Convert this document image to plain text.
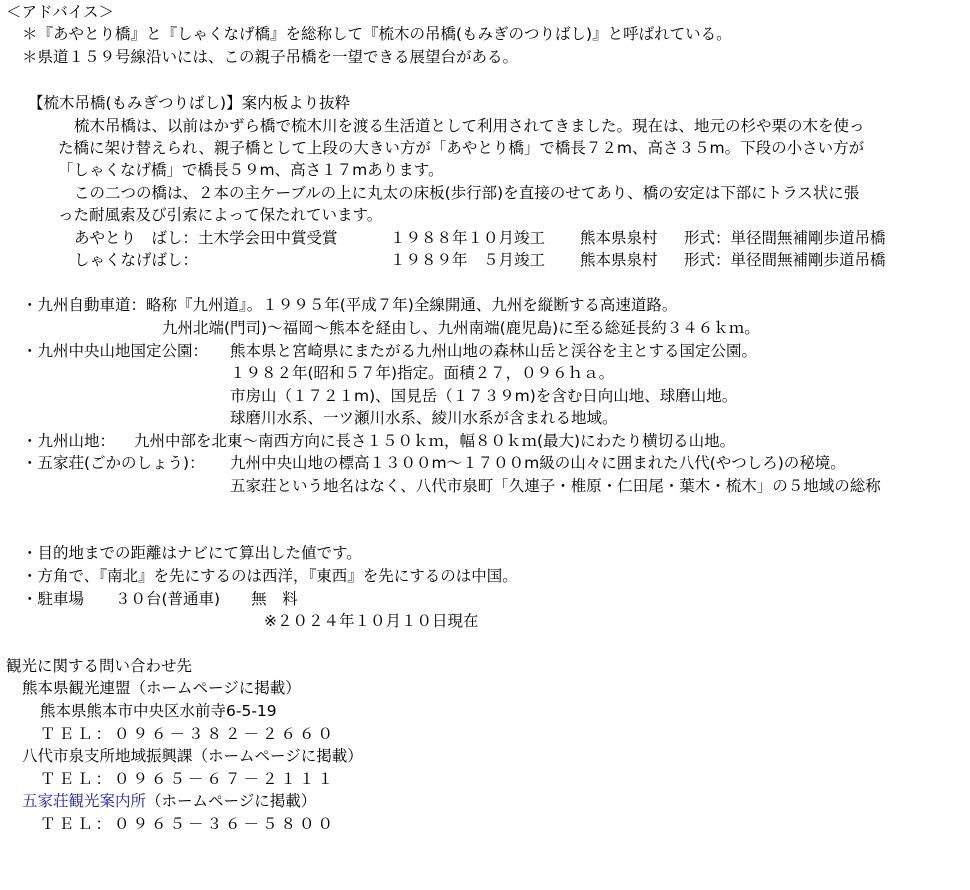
＜アドバイス＞
＊『あやとり橋』と『しゃくなげ橋』を総称して『梳木の吊橋(もみぎのつりばし)』と呼ばれている。
＊県道１５９号線沿いには、この親子吊橋を一望できる展望台がある。
【梳木吊橋(もみぎつりばし)】案内板より抜粋
梳木吊橋は、以前はかずら橋で梳木川を渡る生活道として利用されてきました。現在は、地元の杉や栗の木を使っ
た橋に架け替えられ、親子橋として上段の大きい方が「あやとり橋」で橋長７２m、高さ３５m。下段の小さい方が
「しゃくなげ橋」で橋長５９m、高さ１７mあります。
この二つの橋は、２本の主ケーブルの上に丸太の床板(歩行部)を直接のせてあり、橋の安定は下部にトラス状に張
った耐風索及び引索によって保たれています。
あやとり　ばし：土木学会田中賞受賞	１９８８年１０月竣工 熊本県泉村 形式：単径間無補剛歩道吊橋
しゃくなげばし：	１９８９年　５月竣工 熊本県泉村 形式：単径間無補剛歩道吊橋
・九州自動車道： 略称『九州道』。１９９５年(平成７年)全線開通、九州を縦断する高速道路。
九州北端(門司)〜福岡〜熊本を経由し、九州南端(鹿児島)に至る総延長約３４６ｋｍ。
・九州中央山地国定公園： 熊本県と宮崎県にまたがる九州山地の森林山岳と渓谷を主とする国定公園。
１９８２年(昭和５７年)指定。面積２７，０９６ｈａ。
市房山（１７２１m)、国見岳（１７３９m)を含む日向山地、球磨山地。
球磨川水系、一ツ瀬川水系、綾川水系が含まれる地域。
・九州山地： 九州中部を北東〜南西方向に長さ１５０ｋｍ，幅８０ｋｍ(最大)にわたり横切る山地。
・五家荘(ごかのしょう)： 九州中央山地の標高１３００m〜１７００m級の山々に囲まれた八代(やつしろ)の秘境。
五家荘という地名はなく、八代市泉町「久連子・椎原・仁田尾・葉木・梳木」の５地域の総称
・目的地までの距離はナビにて算出した値です。
・方角で、『南北』を先にするのは西洋，『東西』を先にするのは中国。
・駐車場　　３０台(普通車)　　無　料
※２０２４年１０月１０日現在
観光に関する問い合わせ先
熊本県観光連盟（ホームページに掲載）
熊本県熊本市中央区水前寺6-5-19
ＴＥＬ：０９６－３８２－２６６０
八代市泉支所地域振興課（ホームページに掲載）
ＴＥＬ：０９６５－６７－２１１１
五家荘観光案内所（ホームページに掲載）
ＴＥＬ：０９６５－３６－５８００
